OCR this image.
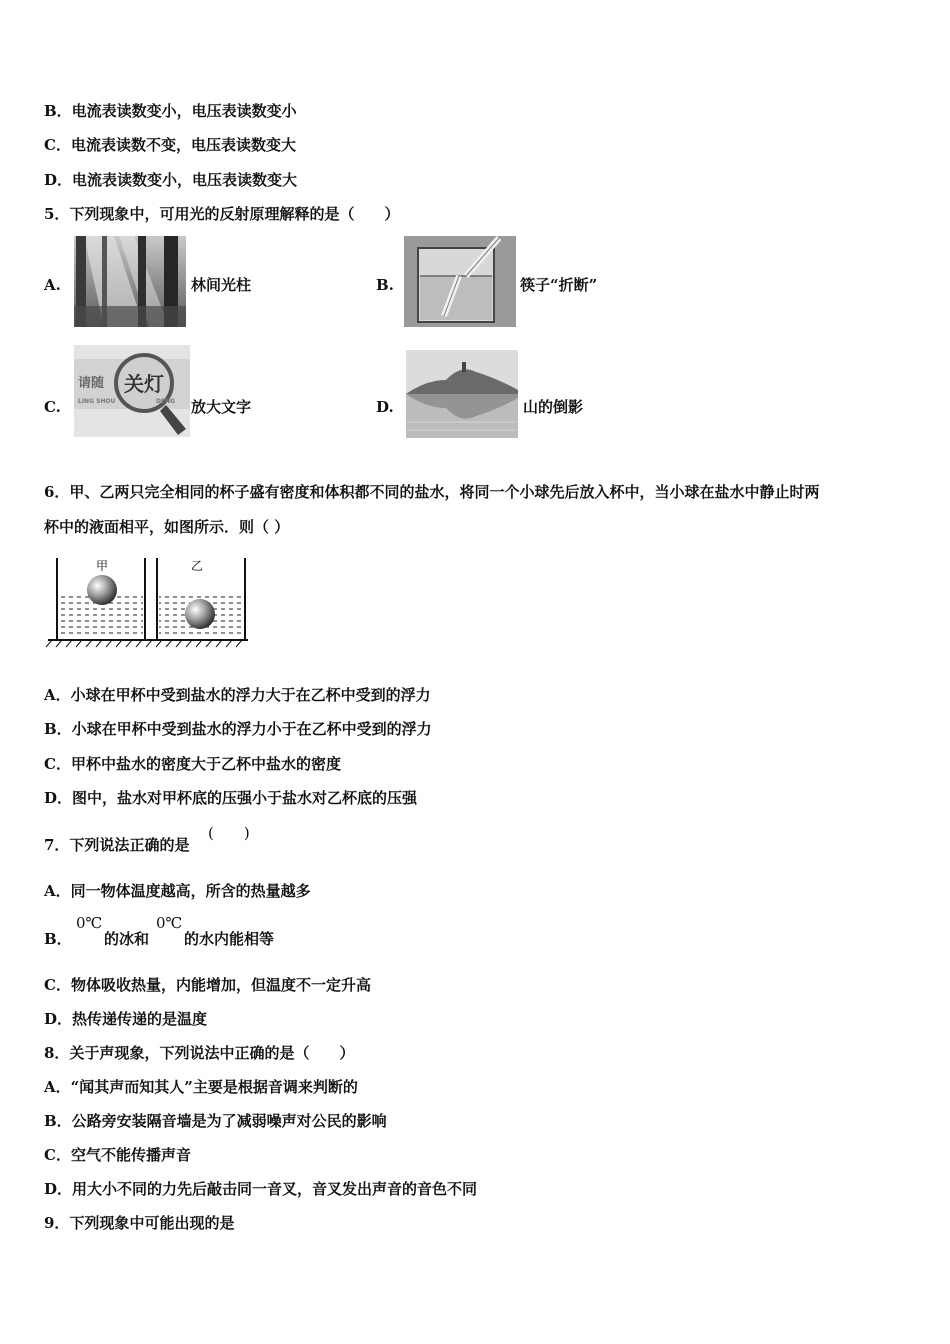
B．电流表读数变小，电压表读数变小
C．电流表读数不变，电压表读数变大
D．电流表读数变小，电压表读数变大
5．下列现象中，可用光的反射原理解释的是（　　）
A.	林间光柱	B.	筷子“折断”
C.
请随
LING SHOU
关灯
DENG 放大文字	D.	山的倒影
6．甲、乙两只完全相同的杯子盛有密度和体积都不同的盐水，将同一个小球先后放入杯中，当小球在盐水中静止时两
杯中的液面相平，如图所示．则（ ）
甲	乙
A．小球在甲杯中受到盐水的浮力大于在乙杯中受到的浮力
B．小球在甲杯中受到盐水的浮力小于在乙杯中受到的浮力
C．甲杯中盐水的密度大于乙杯中盐水的密度
D．图中，盐水对甲杯底的压强小于盐水对乙杯底的压强
7．下列说法正确的是
(　　)
A．同一物体温度越高，所含的热量越多
B．
0℃
的冰和
0℃
的水内能相等
C．物体吸收热量，内能增加，但温度不一定升高
D．热传递传递的是温度
8．关于声现象，下列说法中正确的是（　　）
A．“闻其声而知其人”主要是根据音调来判断的
B．公路旁安装隔音墙是为了减弱噪声对公民的影响
C．空气不能传播声音
D．用大小不同的力先后敲击同一音叉，音叉发出声音的音色不同
9．下列现象中可能出现的是
